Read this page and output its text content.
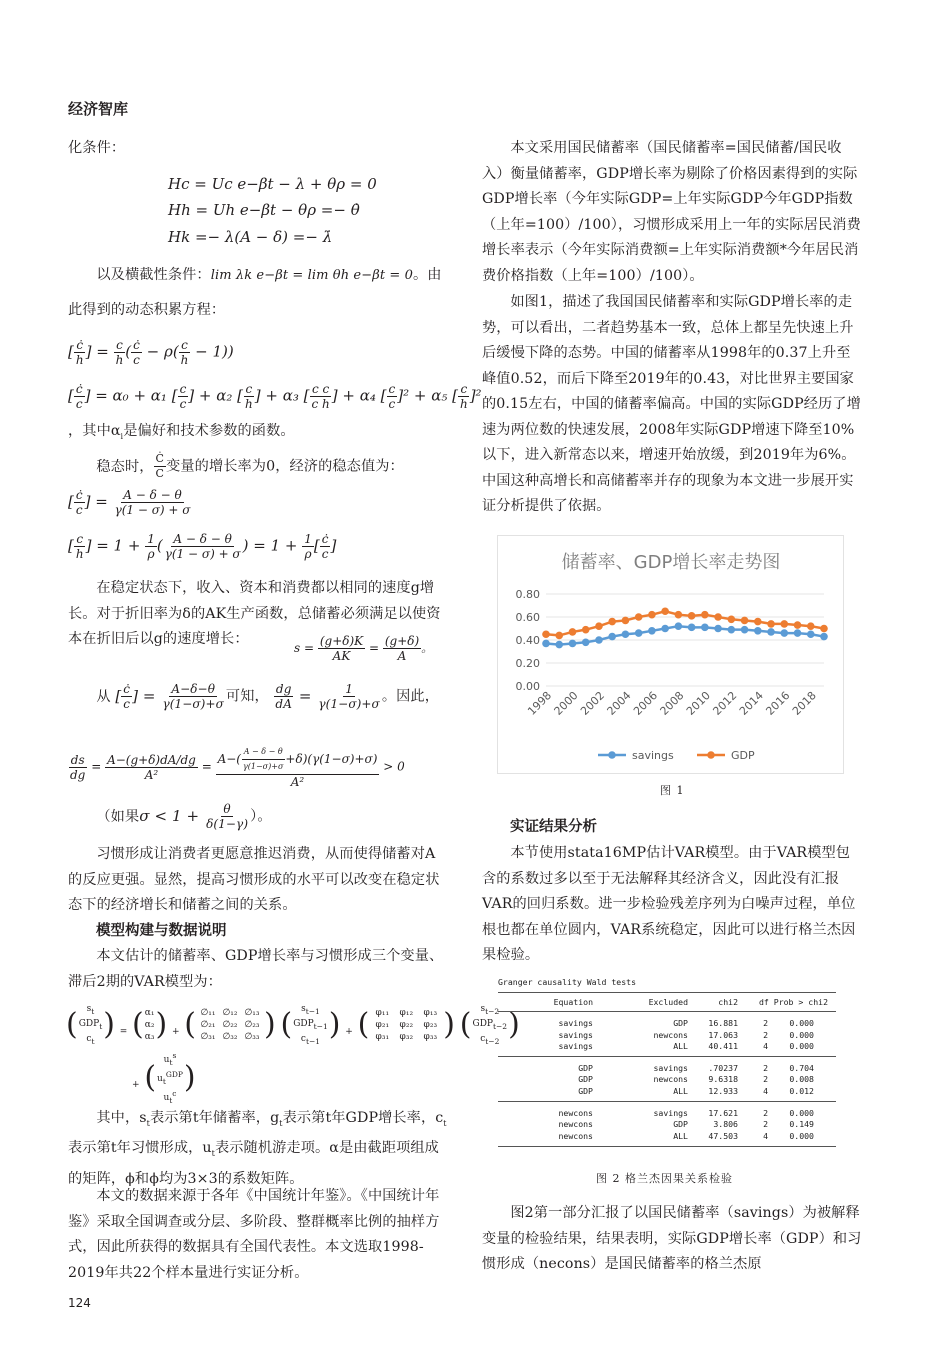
经济智库
化条件：
Hc = Uc e−βt − λ + θρ = 0
Hh = Uh e−βt − θρ =− θ̇
Hk =− λ(A − δ) =− λ̇
以及横截性条件：lim λk e−βt = lim θh e−βt = 0。由
此得到的动态积累方程：
[ $\frac{ċ}{h}$ ] = $\frac{c}{h}$ ( $\frac{ċ}{c} - \rho( \frac{c}{h} - 1)$)
[ $\frac{ċ}{c}$ ] = α₀ + α₁ [ $\frac{c}{c}$ ] + α₂ [ $\frac{c}{h}$ ] + α₃ [ $\frac{\text{c c}}{\text{c h}}$ ] + α₄ [ $\frac{c}{c} ]^2 + \alpha_5$ [ $\frac{c}{h} ]^2$
，其中$\alpha_i$是偏好和技术参数的函数。
稳态时， $\frac{Ċ}{C}$ 变量的增长率为0，经济的稳态值为：
[ $\frac{ċ}{c}$ ] = $\frac{A - \delta - \theta}{\gamma(1 - \sigma) + \sigma}$
[ $\frac{c}{h}$ ] = $1 + \frac{1}{\rho}$ ( $\frac{A - \delta - \theta}{\gamma(1 - \sigma) + \sigma}$ ) = $1 + \frac{1}{\rho}$ [ $\frac{ċ}{c}$ ]
在稳定状态下，收入、资本和消费都以相同的速度g增长。对于折旧率为δ的AK生产函数，总储蓄必须满足以使资本在折旧后以g的速度增长：
$s = \frac{(g+\delta)K}{AK} = \frac{(g+\delta)}{A}$ 。
从 [ $\frac{ċ}{c}$ ] = $\frac{A-\delta-\theta}{\gamma(1-\sigma)+\sigma}$ 可知， $\frac{dg}{dA} = \frac{1}{\gamma(1-\sigma)+\sigma}$ 。因此，
$\frac{ds}{dg} = \frac{A-(g+\delta)dA/dg}{\text{A²}} = \frac{A-( \frac{A - \delta - \theta}{\gamma(1-\sigma)+\sigma} +\delta)(\gamma(1-\sigma)+\sigma)}{\text{A²}} > 0$
（如果$\sigma < 1 + \frac{\theta}{\delta(1-\gamma)}$ ）。
习惯形成让消费者更愿意推迟消费，从而使得储蓄对A的反应更强。显然，提高习惯形成的水平可以改变在稳定状态下的经济增长和储蓄之间的关系。
模型构建与数据说明
本文估计的储蓄率、GDP增长率与习惯形成三个变量、滞后2期的VAR模型为：
( $s_t$
$GDP_t$
$c_t$ ) = ( α₁
α₂
α₃ ) + ( ∅₁₁ ∅₁₂ ∅₁₃
∅₂₁ ∅₂₂ ∅₂₃
∅₃₁ ∅₃₂ ∅₃₃ )
( $s_{t-1}$
$GDP_{t-1}$
$c_{t-1}$ ) + ( φ₁₁	φ₁₂	φ₁₃
φ₂₁	φ₂₂	φ₂₃
φ₃₁	φ₃₂	φ₃₃ )
( $s_{t-2}$
$GDP_{t-2}$
$c_{t-2}$ )
+ (
$u_t^s$
$u_t^{GDP}$
$u_t^c$ )
其中，$s_t$表示第t年储蓄率，$g_t$表示第t年GDP增长率，$c_t$表示第t年习惯形成，$u_t$表示随机游走项。α是由截距项组成的矩阵，ϕ和ϕ均为3×3的系数矩阵。
本文的数据来源于各年《中国统计年鉴》。《中国统计年鉴》采取全国调查或分层、多阶段、整群概率比例的抽样方式，因此所获得的数据具有全国代表性。本文选取1998-2019年共22个样本量进行实证分析。
124
本文采用国民储蓄率（国民储蓄率=国民储蓄/国民收入）衡量储蓄率，GDP增长率为剔除了价格因素得到的实际GDP增长率（今年实际GDP=上年实际GDP今年GDP指数（上年=100）/100），习惯形成采用上一年的实际居民消费增长率表示（今年实际消费额=上年实际消费额*今年居民消费价格指数（上年=100）/100）。
如图1，描述了我国国民储蓄率和实际GDP增长率的走势，可以看出，二者趋势基本一致，总体上都呈先快速上升后缓慢下降的态势。中国的储蓄率从1998年的0.37上升至峰值0.52，而后下降至2019年的0.43，对比世界主要国家的0.15左右，中国的储蓄率偏高。中国的实际GDP经历了增速为两位数的快速发展，2008年实际GDP增速下降至10%以下，进入新常态以来，增速开始放缓，到2019年为6%。中国这种高增长和高储蓄率并存的现象为本文进一步展开实证分析提供了依据。
储蓄率、GDP增长率走势图
0.00
0.20
0.40
0.60
0.80
1998
2000
2002
2004
2006
2008
2010
2012
2014
2016
2018
savings	GDP
图 1
实证结果分析
本节使用stata16MP估计VAR模型。由于VAR模型包含的系数过多以至于无法解释其经济含义，因此没有汇报VAR的回归系数。进一步检验残差序列为白噪声过程，单位根也都在单位圆内，VAR系统稳定，因此可以进行格兰杰因果检验。
Granger causality Wald tests
Equation	Excluded	chi2	df Prob > chi2
savings	GDP 16.881	2	0.000
savings	newcons 17.063	2	0.000
savings	ALL 40.411	4	0.000
GDP	savings .70237	2	0.704
GDP	newcons 9.6318	2	0.008
GDP	ALL 12.933	4	0.012
newcons	savings 17.621	2	0.000
newcons	GDP	3.806	2	0.149
newcons	ALL 47.503	4	0.000
图 2 格兰杰因果关系检验
图2第一部分汇报了以国民储蓄率（savings）为被解释变量的检验结果，结果表明，实际GDP增长率（GDP）和习惯形成（necons）是国民储蓄率的格兰杰原
